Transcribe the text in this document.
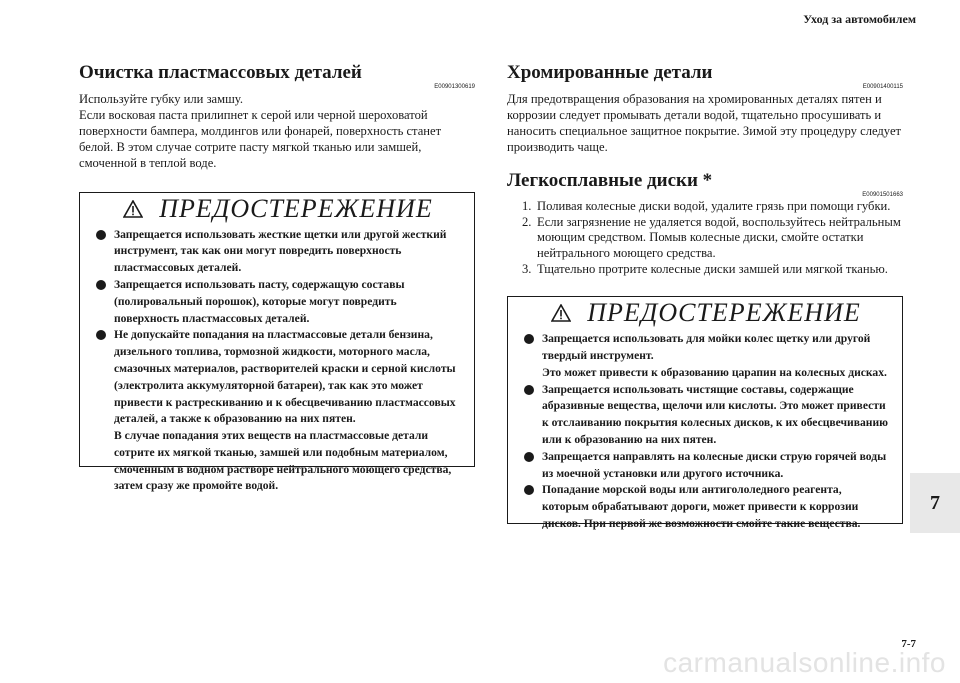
Уход за автомобилем
Очистка пластмассовых деталей
E00901300619

Используйте губку или замшу.

Если восковая паста прилипнет к серой или черной шероховатой поверхности бампера, молдингов или фонарей, поверхность станет белой. В этом случае сотрите пасту мягкой тканью или замшей, смоченной в теплой воде.

ПРЕДОСТЕРЕЖЕНИЕ

Запрещается использовать жесткие щетки или другой жесткий инструмент, так как они могут повредить поверхность пластмассовых деталей.

Запрещается использовать пасту, содержащую составы (полировальный порошок), которые могут повредить поверхность пластмассовых деталей.

Не допускайте попадания на пластмассовые детали бензина, дизельного топлива, тормозной жидкости, моторного масла, смазочных материалов, растворителей краски и серной кислоты (электролита аккумуляторной батареи), так как это может привести к растрескиванию и к обесцвечиванию пластмассовых деталей, а также к образованию на них пятен.

В случае попадания этих веществ на пластмассовые детали сотрите их мягкой тканью, замшей или подобным материалом, смоченным в водном растворе нейтрального моющего средства, затем сразу же промойте водой.

Хромированные детали
E00901400115

Для предотвращения образования на хромированных деталях пятен и коррозии следует промывать детали водой, тщательно просушивать и наносить специальное защитное покрытие. Зимой эту процедуру следует производить чаще.

Легкосплавные диски *
E00901501663
1. Поливая колесные диски водой, удалите грязь при помощи губки.
2. Если загрязнение не удаляется водой, воспользуйтесь нейтральным моющим средством. Помыв колесные диски, смойте остатки нейтрального моющего средства.
3. Тщательно протрите колесные диски замшей или мягкой тканью.
ПРЕДОСТЕРЕЖЕНИЕ

Запрещается использовать для мойки колес щетку или другой твердый инструмент.

Это может привести к образованию царапин на колесных дисках.

Запрещается использовать чистящие составы, содержащие абразивные вещества, щелочи или кислоты. Это может привести к отслаиванию покрытия колесных дисков, к их обесцвечиванию или к образованию на них пятен.

Запрещается направлять на колесные диски струю горячей воды из моечной установки или другого источника.

Попадание морской воды или антигололедного реагента, которым обрабатывают дороги, может привести к коррозии дисков. При первой же возможности смойте такие вещества.

7
7-7
carmanualsonline.info
